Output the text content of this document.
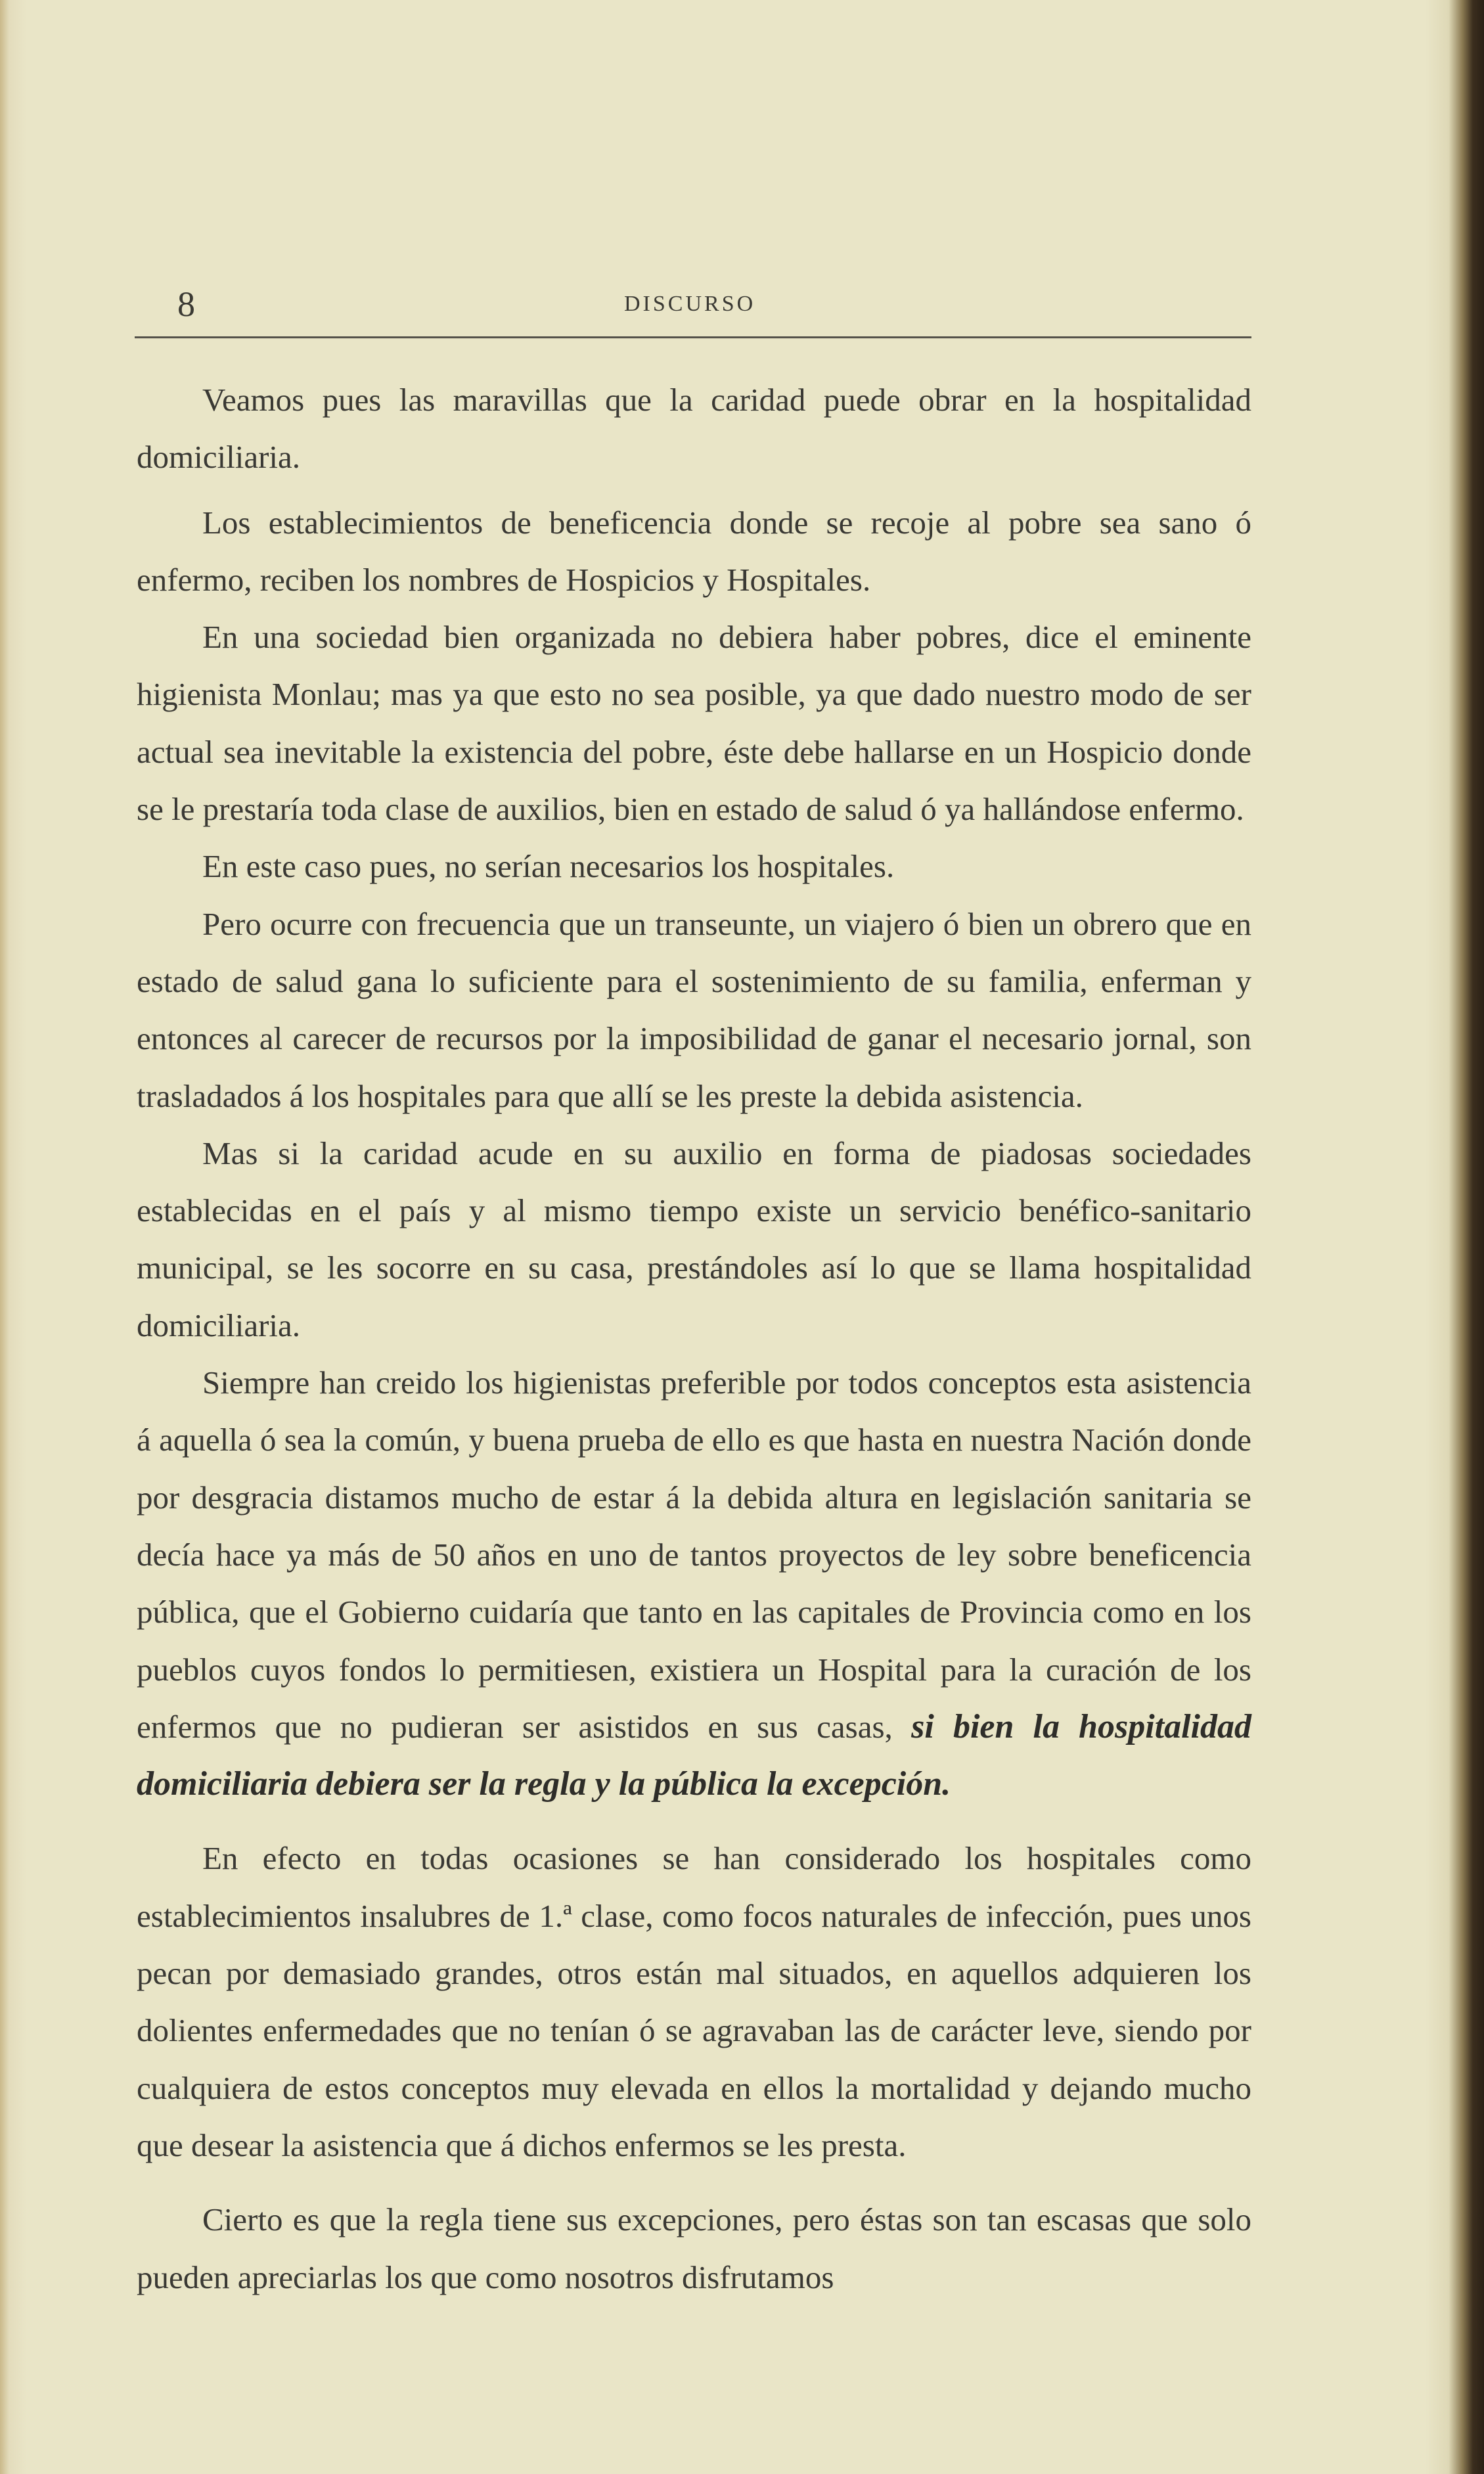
8	DISCURSO

Veamos pues las maravillas que la caridad puede obrar en la hospitalidad domiciliaria.

Los establecimientos de beneficencia donde se recoje al pobre sea sano ó enfermo, reciben los nombres de Hospicios y Hospitales.

En una sociedad bien organizada no debiera haber pobres, dice el eminente higienista Monlau; mas ya que esto no sea posible, ya que dado nuestro modo de ser actual sea inevitable la existencia del pobre, éste debe hallarse en un Hospicio donde se le prestaría toda clase de auxilios, bien en estado de salud ó ya hallándose enfermo.

En este caso pues, no serían necesarios los hospitales.

Pero ocurre con frecuencia que un transeunte, un viajero ó bien un obrero que en estado de salud gana lo suficiente para el sostenimiento de su familia, enferman y entonces al carecer de recursos por la imposibilidad de ganar el necesario jornal, son trasladados á los hospitales para que allí se les preste la debida asistencia.

Mas si la caridad acude en su auxilio en forma de piadosas sociedades establecidas en el país y al mismo tiempo existe un servicio benéfico-sanitario municipal, se les socorre en su casa, prestándoles así lo que se llama hospitalidad domiciliaria.

Siempre han creido los higienistas preferible por todos conceptos esta asistencia á aquella ó sea la común, y buena prueba de ello es que hasta en nuestra Nación donde por desgracia distamos mucho de estar á la debida altura en legislación sanitaria se decía hace ya más de 50 años en uno de tantos proyectos de ley sobre beneficencia pública, que el Gobierno cuidaría que tanto en las capitales de Provincia como en los pueblos cuyos fondos lo permitiesen, existiera un Hospital para la curación de los enfermos que no pudieran ser asistidos en sus casas, si bien la hospitalidad domiciliaria debiera ser la regla y la pública la excepción.

En efecto en todas ocasiones se han considerado los hospitales como establecimientos insalubres de 1.ª clase, como focos naturales de infección, pues unos pecan por demasiado grandes, otros están mal situados, en aquellos adquieren los dolientes enfermedades que no tenían ó se agravaban las de carácter leve, siendo por cualquiera de estos conceptos muy elevada en ellos la mortalidad y dejando mucho que desear la asistencia que á dichos enfermos se les presta.

Cierto es que la regla tiene sus excepciones, pero éstas son tan escasas que solo pueden apreciarlas los que como nosotros disfrutamos
